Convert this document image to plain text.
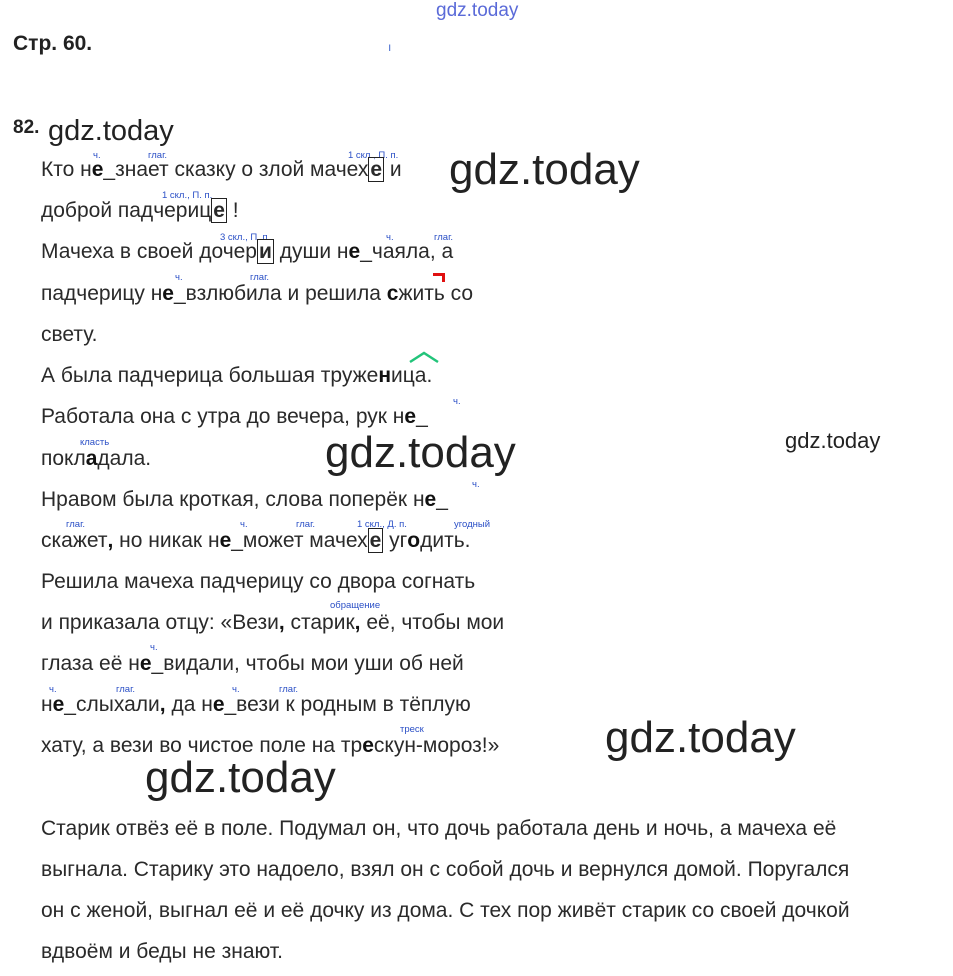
gdz.today
Стр. 60.	ı
82. gdz.today
gdz.today
gdz.today	gdz.today
gdz.today
gdz.today
ч.	глаг.	1 скл., П. п.
1 скл., П. п.
3 скл., П. п.	ч.	глаг.
ч.	глаг.
ч.
класть
ч.
глаг.	ч.	глаг.	1 скл., Д. п.	угодный
обращение
ч.
ч.	глаг.	ч.	глаг.
треск
Кто не_знает сказку о злой мачехе и
доброй падчерице !
Мачеха в своей дочери души не_чаяла, а
падчерицу не_взлюбила и решила сжить со
свету.
А была падчерица большая труженица.
Работала она с утра до вечера, рук не_
покладала.
Нравом была кроткая, слова поперёк не_
скажет, но никак не_может мачехе угодить.
Решила мачеха падчерицу со двора согнать
и приказала отцу: «Вези, старик, её, чтобы мои
глаза её не_видали, чтобы мои уши об ней
не_слыхали, да не_вези к родным в тёплую
хату, а вези во чистое поле на трескун-мороз!»
Старик отвёз её в поле. Подумал он, что дочь работала день и ночь, а мачеха её
выгнала. Старику это надоело, взял он с собой дочь и вернулся домой. Поругался
он с женой, выгнал её и её дочку из дома. С тех пор живёт старик со своей дочкой
вдвоём и беды не знают.
